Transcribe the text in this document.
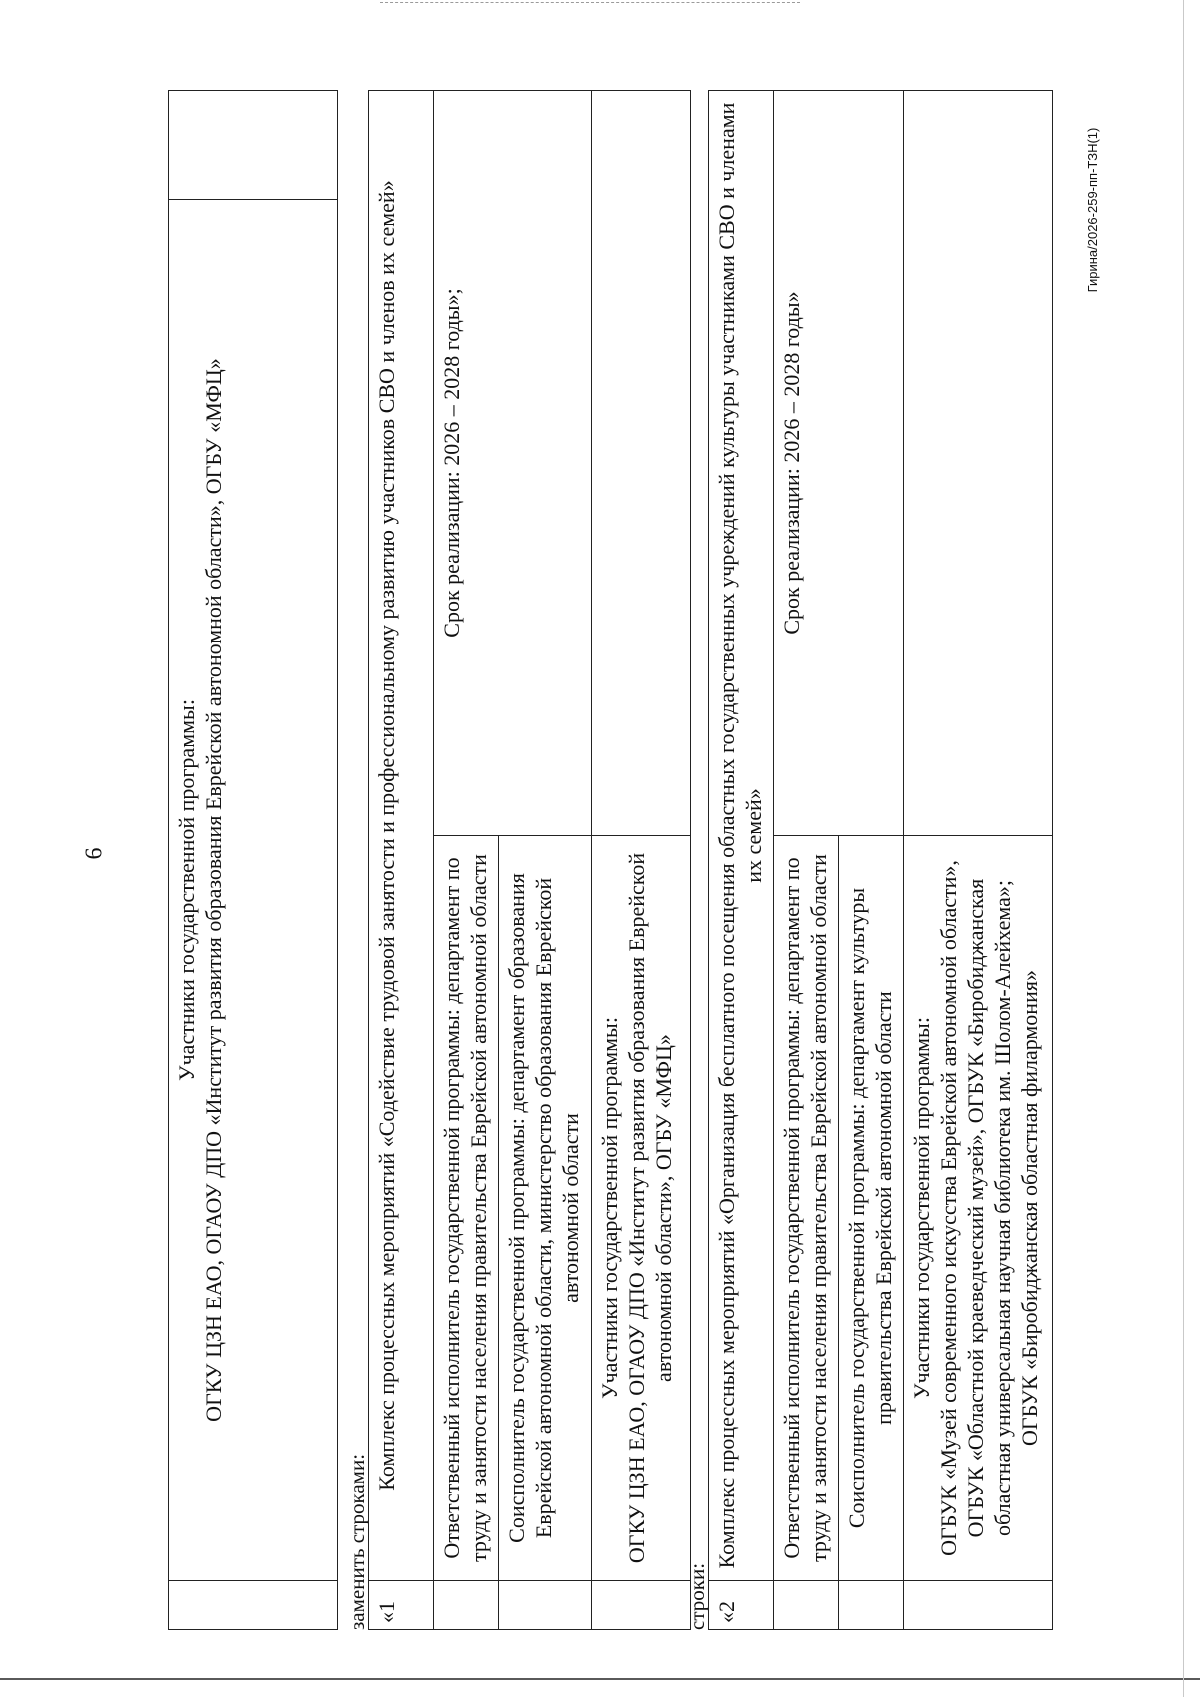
6
Гирина/2026-259-пп-ТЗН(1)

Участники государственной программы: ОГКУ ЦЗН ЕАО, ОГАОУ ДПО «Институт развития образования Еврейской автономной области», ОГБУ «МФЦ»

заменить строками: «1	Комплекс процессных мероприятий «Содействие трудовой занятости и профессиональному развитию участников СВО и членов их семей»	
	Ответственный исполнитель государственной программы: департамент по труду и занятости населения правительства Еврейской автономной области	Срок реализации: 2026 – 2028 годы»;
	Соисполнитель государственной программы: департамент образования Еврейской автономной области, министерство образования Еврейской автономной области	

	Участники государственной программы: ОГКУ ЦЗН ЕАО, ОГАОУ ДПО «Институт развития образования Еврейской автономной области», ОГБУ «МФЦ»	

строки: «2	Комплекс процессных мероприятий «Организация бесплатного посещения областных государственных учреждений культуры участниками СВО и членами их семей»	
	Ответственный исполнитель государственной программы: департамент по труду и занятости населения правительства Еврейской автономной области	Срок реализации: 2026 – 2028 годы»
	Соисполнитель государственной программы: департамент культуры правительства Еврейской автономной области	

	Участники государственной программы: ОГБУК «Музей современного искусства Еврейской автономной области», ОГБУК «Областной краеведческий музей», ОГБУК «Биробиджанская областная универсальная научная библиотека им. Шолом-Алейхема»; ОГБУК «Биробиджанская областная филармония»	
